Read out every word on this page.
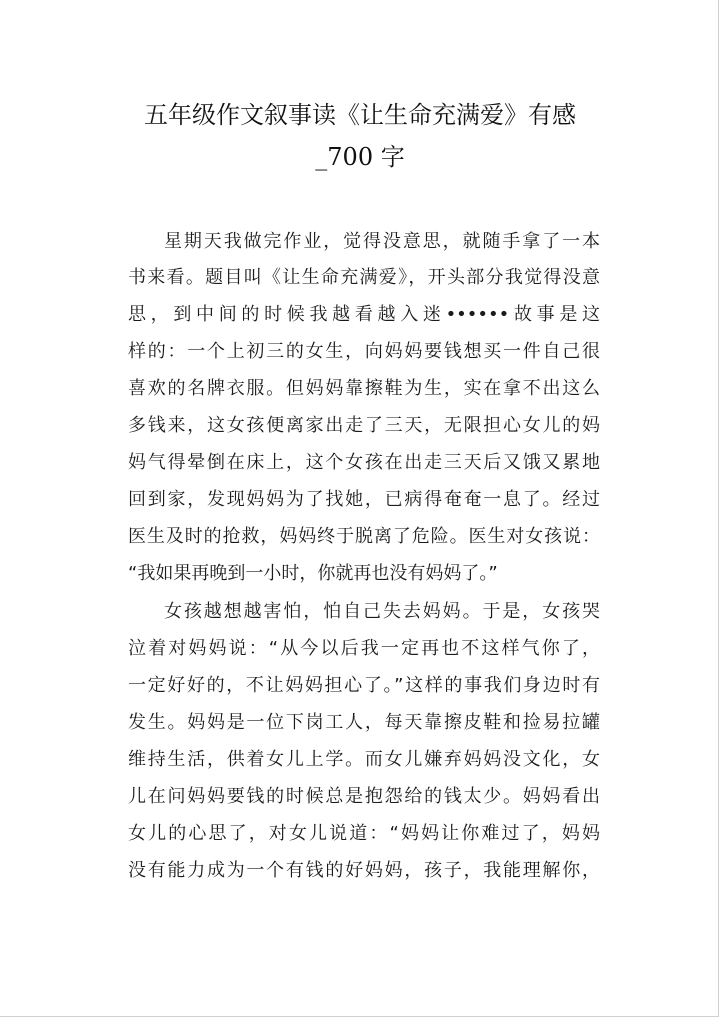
五年级作文叙事读《让生命充满爱》有感
_700 字
星期天我做完作业，觉得没意思，就随手拿了一本
书来看。题目叫《让生命充满爱》，开头部分我觉得没意
思，到中间的时候我越看越入迷••••••故事是这
样的：一个上初三的女生，向妈妈要钱想买一件自己很
喜欢的名牌衣服。但妈妈靠擦鞋为生，实在拿不出这么
多钱来，这女孩便离家出走了三天，无限担心女儿的妈
妈气得晕倒在床上，这个女孩在出走三天后又饿又累地
回到家，发现妈妈为了找她，已病得奄奄一息了。经过
医生及时的抢救，妈妈终于脱离了危险。医生对女孩说：
“我如果再晚到一小时，你就再也没有妈妈了。”
女孩越想越害怕，怕自己失去妈妈。于是，女孩哭
泣着对妈妈说：“从今以后我一定再也不这样气你了，
一定好好的，不让妈妈担心了。”这样的事我们身边时有
发生。妈妈是一位下岗工人，每天靠擦皮鞋和捡易拉罐
维持生活，供着女儿上学。而女儿嫌弃妈妈没文化，女
儿在问妈妈要钱的时候总是抱怨给的钱太少。妈妈看出
女儿的心思了，对女儿说道：“妈妈让你难过了，妈妈
没有能力成为一个有钱的好妈妈，孩子，我能理解你，
